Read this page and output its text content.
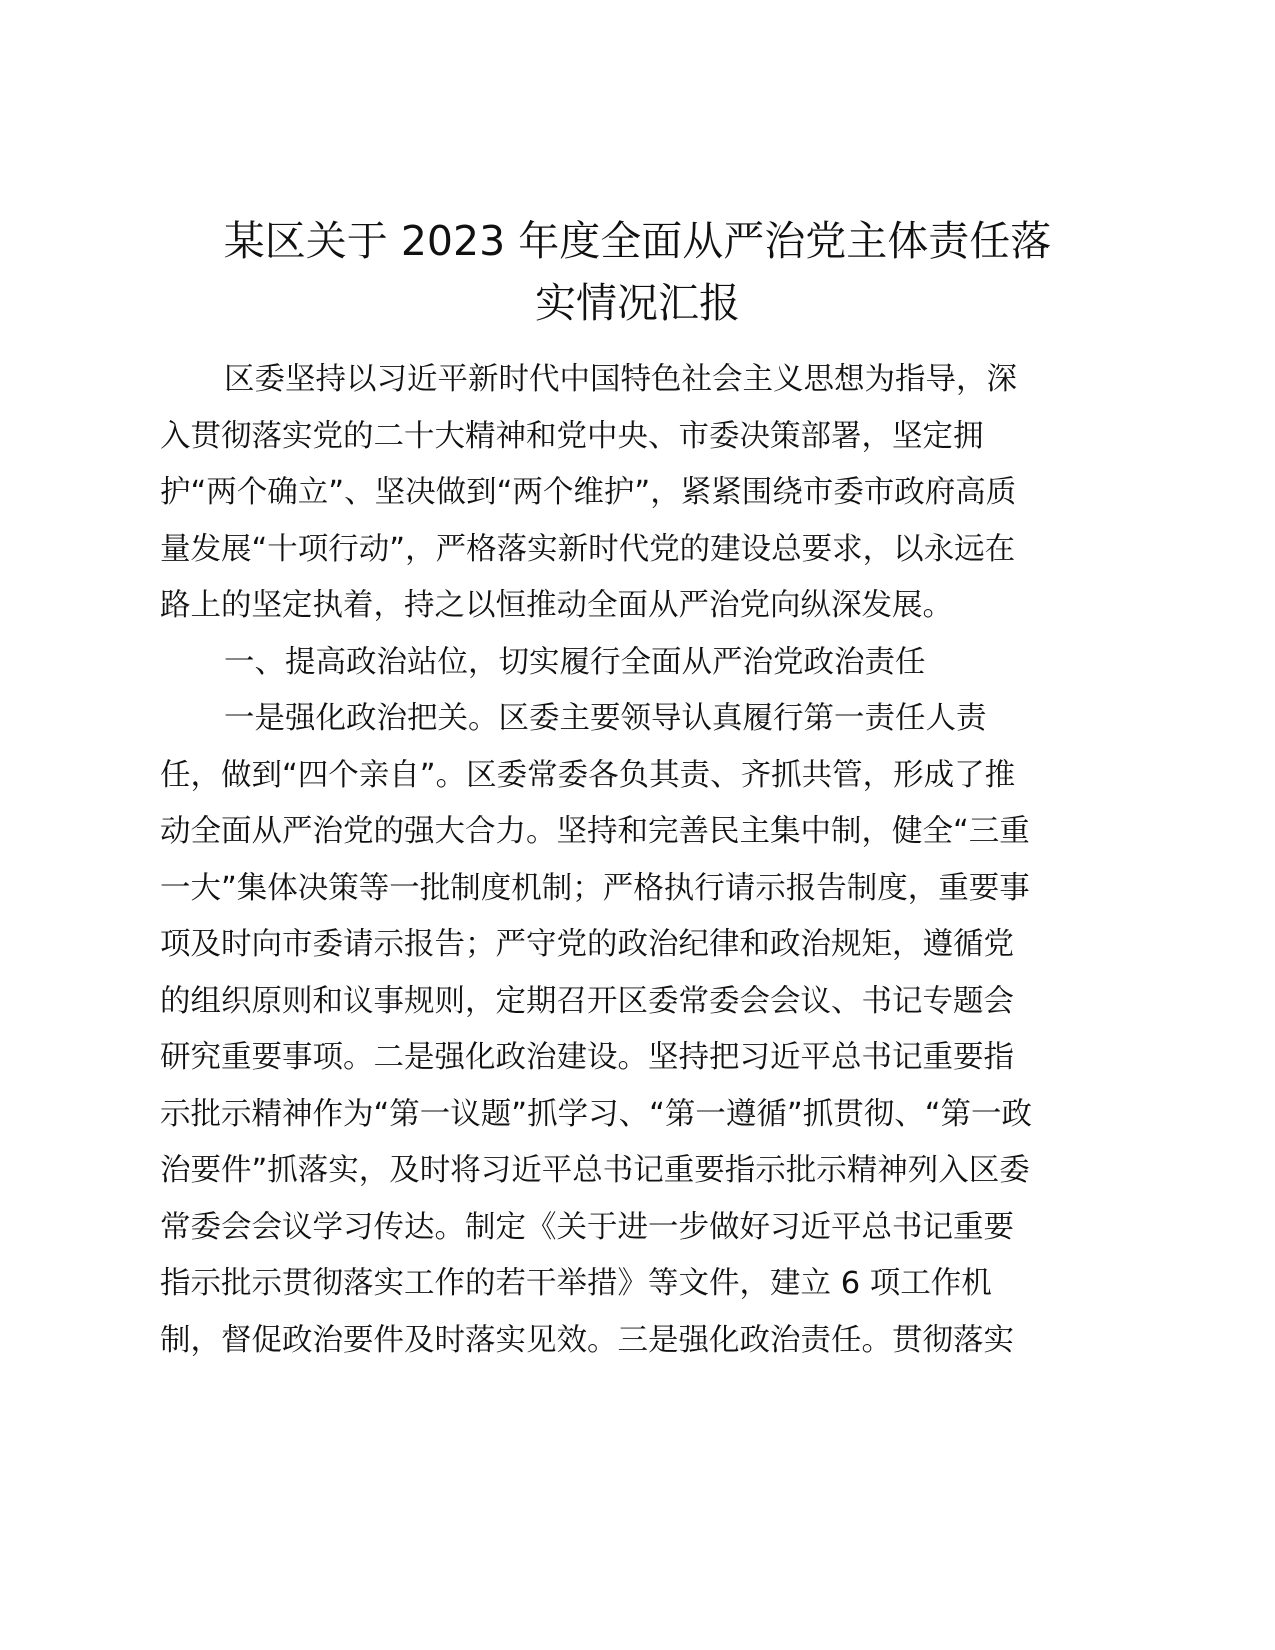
某区关于 2023 年度全面从严治党主体责任落
实情况汇报
区委坚持以习近平新时代中国特色社会主义思想为指导，深
入贯彻落实党的二十大精神和党中央、市委决策部署，坚定拥
护“两个确立”、坚决做到“两个维护”，紧紧围绕市委市政府高质
量发展“十项行动”，严格落实新时代党的建设总要求，以永远在
路上的坚定执着，持之以恒推动全面从严治党向纵深发展。
一、提高政治站位，切实履行全面从严治党政治责任
一是强化政治把关。区委主要领导认真履行第一责任人责
任，做到“四个亲自”。区委常委各负其责、齐抓共管，形成了推
动全面从严治党的强大合力。坚持和完善民主集中制，健全“三重
一大”集体决策等一批制度机制；严格执行请示报告制度，重要事
项及时向市委请示报告；严守党的政治纪律和政治规矩，遵循党
的组织原则和议事规则，定期召开区委常委会会议、书记专题会
研究重要事项。二是强化政治建设。坚持把习近平总书记重要指
示批示精神作为“第一议题”抓学习、“第一遵循”抓贯彻、“第一政
治要件”抓落实，及时将习近平总书记重要指示批示精神列入区委
常委会会议学习传达。制定《关于进一步做好习近平总书记重要
指示批示贯彻落实工作的若干举措》等文件，建立 6 项工作机
制，督促政治要件及时落实见效。三是强化政治责任。贯彻落实
